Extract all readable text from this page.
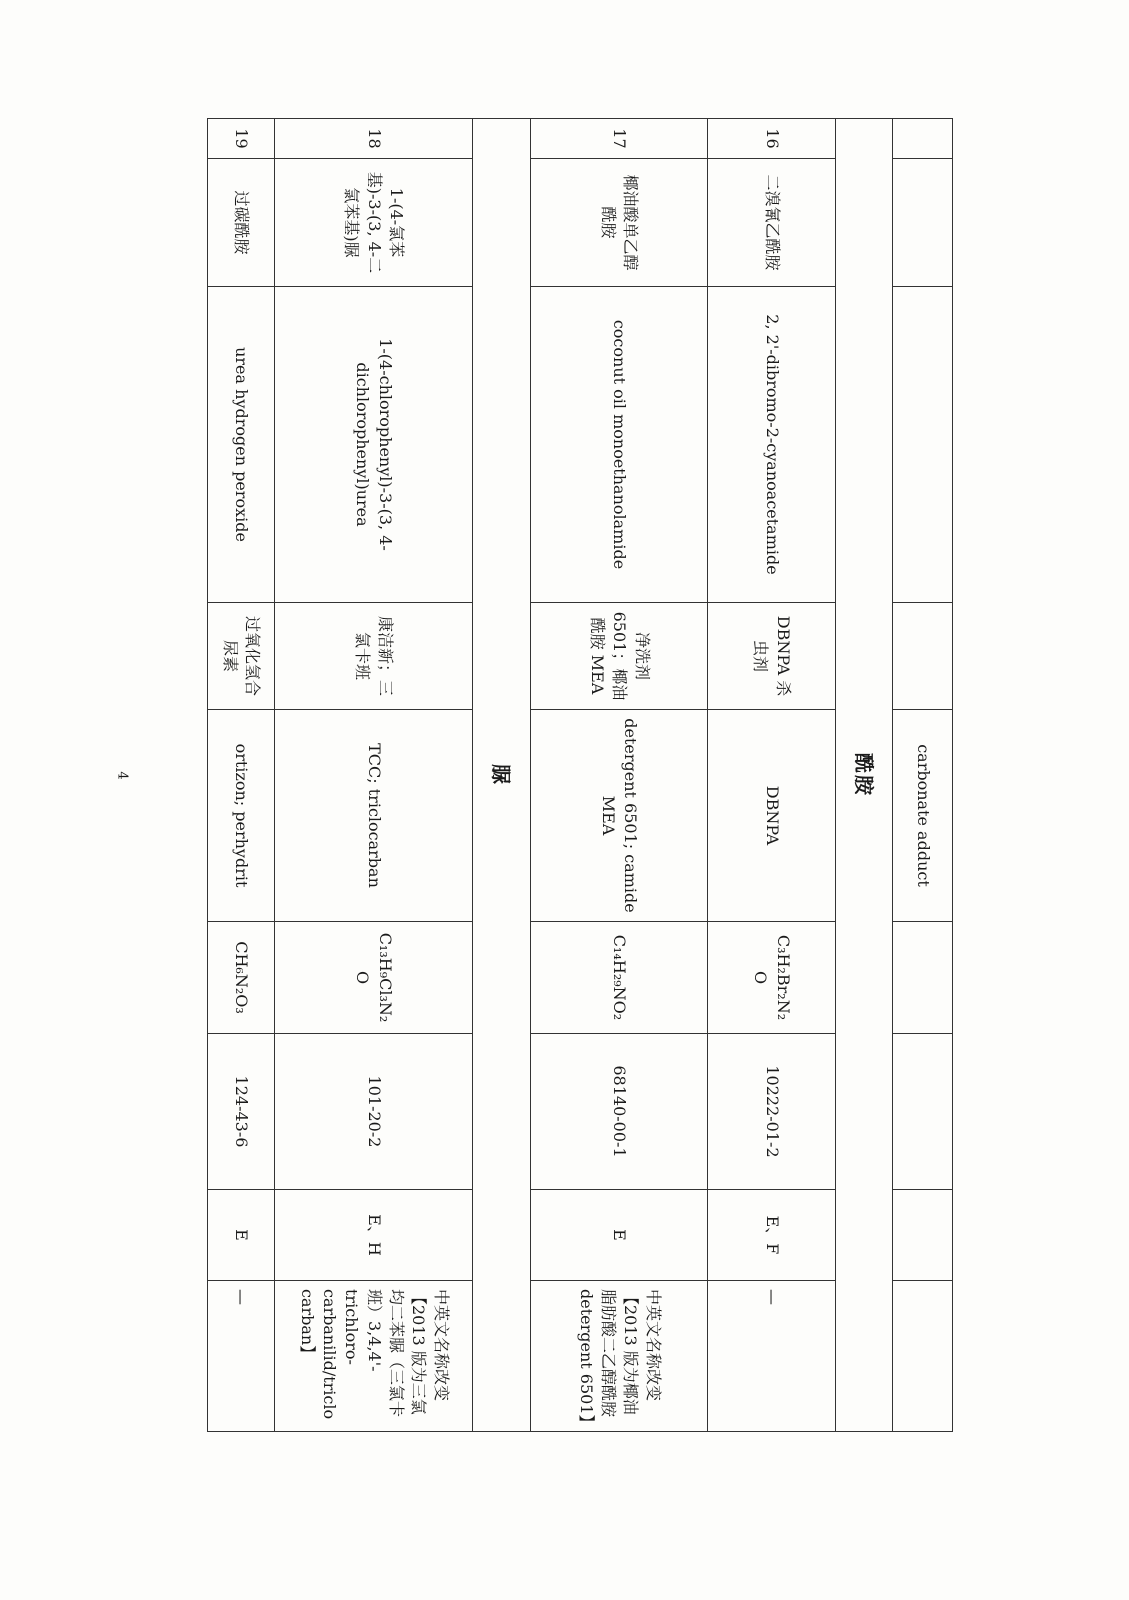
				carbonate adduct				
酰胺								
16	二溴氰乙酰胺	2, 2'-dibromo-2-cyanoacetamide	DBNPA 杀虫剂	DBNPA	C₃H₂Br₂N₂O	10222-01-2	E、F	—
17	椰油酸单乙醇酰胺	coconut oil monoethanolamide	净洗剂 6501；椰油酰胺 MEA	detergent 6501; camide MEA	C₁₄H₂₉NO₂	68140-00-1	E	中英文名称改变【2013 版为椰油脂肪酸二乙醇酰胺 detergent 6501】
脲								
18	1-(4-氯苯基)-3-(3, 4-二氯苯基)脲	1-(4-chlorophenyl)-3-(3, 4-dichlorophenyl)urea	康洁新；三氯卡班	TCC; triclocarban	C₁₃H₉Cl₃N₂O	101-20-2	E、H	中英文名称改变【2013 版为三氯均二苯脲（三氯卡班）3,4,4'-trichloro-carbanilid/triclocarban】
19	过碳酰胺	urea hydrogen peroxide	过氧化氢合尿素	ortizon; perhydrit	CH₆N₂O₃	124-43-6	E	—
4
